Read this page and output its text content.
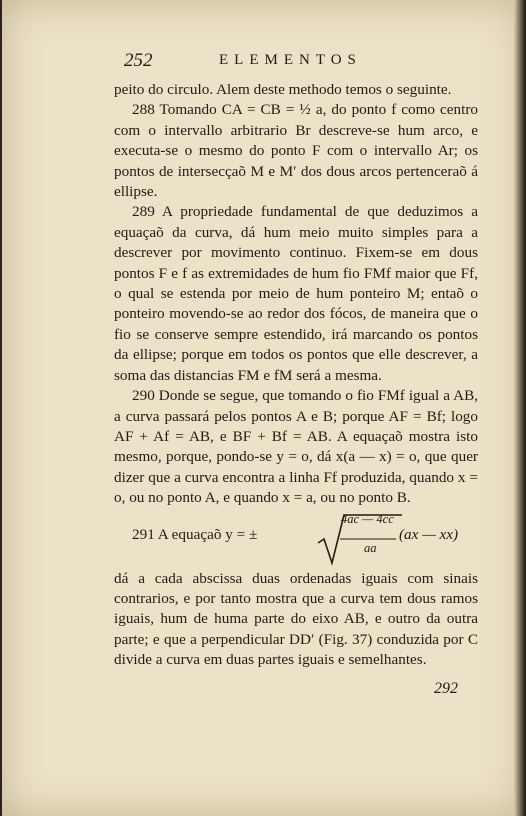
252	ELEMENTOS

peito do circulo. Alem deste methodo temos o seguinte.

288 Tomando CA = CB = ½ a, do ponto f como centro com o intervallo arbitrario Br descreve-se hum arco, e executa-se o mesmo do ponto F com o intervallo Ar; os pontos de intersecçaõ M e M′ dos dous arcos pertenceraõ á ellipse.

289 A propriedade fundamental de que deduzimos a equaçaõ da curva, dá hum meio muito simples para a descrever por movimento continuo. Fixem-se em dous pontos F e f as extremidades de hum fio FMf maior que Ff, o qual se estenda por meio de hum ponteiro M; entaõ o ponteiro movendo-se ao redor dos fócos, de maneira que o fio se conserve sempre estendido, irá marcando os pontos da ellipse; porque em todos os pontos que elle descrever, a soma das distancias FM e fM será a mesma.

290 Donde se segue, que tomando o fio FMf igual a AB, a curva passará pelos pontos A e B; porque AF = Bf; logo AF + Af = AB, e BF + Bf = AB. A equaçaõ mostra isto mesmo, porque, pondo-se y = o, dá x(a — x) = o, que quer dizer que a curva encontra a linha Ff produzida, quando x = o, ou no ponto A, e quando x = a, ou no ponto B.

291 A equaçaõ y = ±
4ac — 4cc
aa
(ax — xx)

dá a cada abscissa duas ordenadas iguais com sinais contrarios, e por tanto mostra que a curva tem dous ramos iguais, hum de huma parte do eixo AB, e outro da outra parte; e que a perpendicular DD′ (Fig. 37) conduzida por C divide a curva em duas partes iguais e semelhantes.

292
